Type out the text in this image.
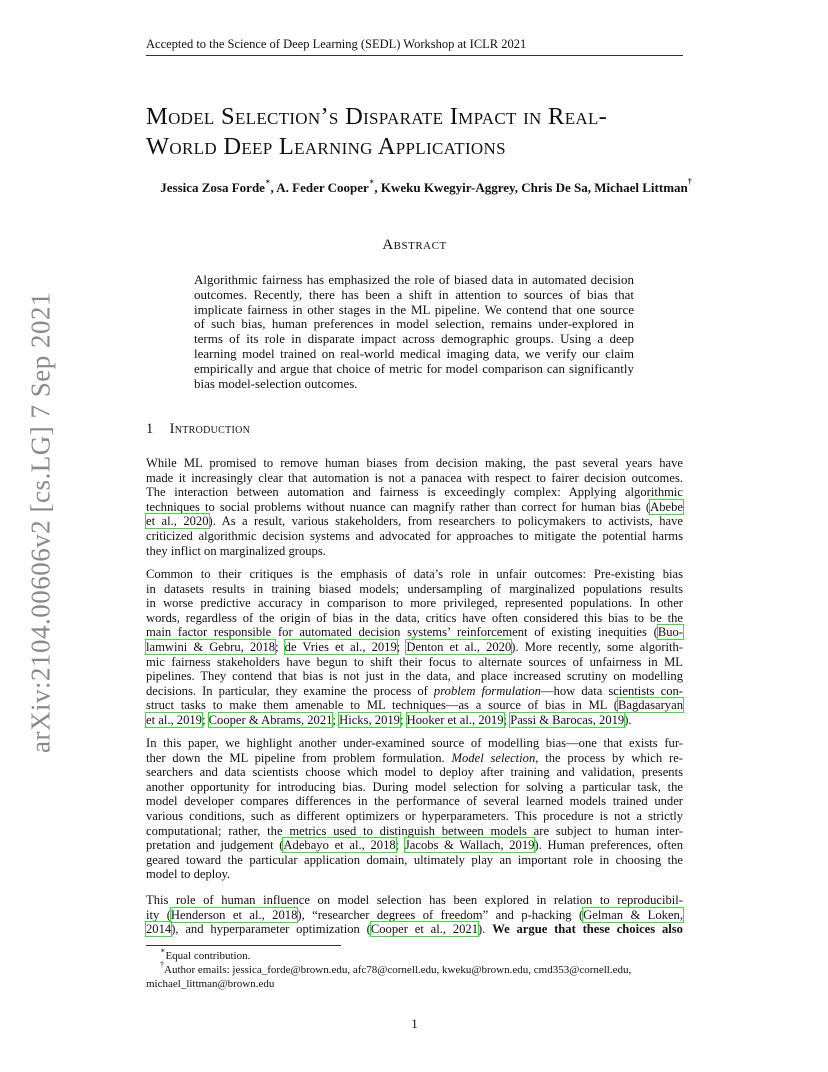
Accepted to the Science of Deep Learning (SEDL) Workshop at ICLR 2021
arXiv:2104.00606v2 [cs.LG] 7 Sep 2021
Model Selection’s Disparate Impact in Real-
World Deep Learning Applications
Jessica Zosa Forde∗, A. Feder Cooper∗, Kweku Kwegyir-Aggrey, Chris De Sa, Michael Littman†
Abstract
Algorithmic fairness has emphasized the role of biased data in automated decision
outcomes. Recently, there has been a shift in attention to sources of bias that
implicate fairness in other stages in the ML pipeline. We contend that one source
of such bias, human preferences in model selection, remains under-explored in
terms of its role in disparate impact across demographic groups. Using a deep
learning model trained on real-world medical imaging data, we verify our claim
empirically and argue that choice of metric for model comparison can significantly
bias model-selection outcomes.
1 Introduction
While ML promised to remove human biases from decision making, the past several years have
made it increasingly clear that automation is not a panacea with respect to fairer decision outcomes.
The interaction between automation and fairness is exceedingly complex: Applying algorithmic
techniques to social problems without nuance can magnify rather than correct for human bias (Abebe
et al., 2020). As a result, various stakeholders, from researchers to policymakers to activists, have
criticized algorithmic decision systems and advocated for approaches to mitigate the potential harms
they inflict on marginalized groups.
Common to their critiques is the emphasis of data’s role in unfair outcomes: Pre-existing bias
in datasets results in training biased models; undersampling of marginalized populations results
in worse predictive accuracy in comparison to more privileged, represented populations. In other
words, regardless of the origin of bias in the data, critics have often considered this bias to be the
main factor responsible for automated decision systems’ reinforcement of existing inequities (Buo-
lamwini & Gebru, 2018; de Vries et al., 2019; Denton et al., 2020). More recently, some algorith-
mic fairness stakeholders have begun to shift their focus to alternate sources of unfairness in ML
pipelines. They contend that bias is not just in the data, and place increased scrutiny on modelling
decisions. In particular, they examine the process of problem formulation—how data scientists con-
struct tasks to make them amenable to ML techniques—as a source of bias in ML (Bagdasaryan
et al., 2019; Cooper & Abrams, 2021; Hicks, 2019; Hooker et al., 2019; Passi & Barocas, 2019).
In this paper, we highlight another under-examined source of modelling bias—one that exists fur-
ther down the ML pipeline from problem formulation. Model selection, the process by which re-
searchers and data scientists choose which model to deploy after training and validation, presents
another opportunity for introducing bias. During model selection for solving a particular task, the
model developer compares differences in the performance of several learned models trained under
various conditions, such as different optimizers or hyperparameters. This procedure is not a strictly
computational; rather, the metrics used to distinguish between models are subject to human inter-
pretation and judgement (Adebayo et al., 2018; Jacobs & Wallach, 2019). Human preferences, often
geared toward the particular application domain, ultimately play an important role in choosing the
model to deploy.
This role of human influence on model selection has been explored in relation to reproducibil-
ity (Henderson et al., 2018), “researcher degrees of freedom” and p-hacking (Gelman & Loken,
2014), and hyperparameter optimization (Cooper et al., 2021). We argue that these choices also
∗Equal contribution.
†Author emails: jessica_forde@brown.edu, afc78@cornell.edu, kweku@brown.edu, cmd353@cornell.edu,
michael_littman@brown.edu
1
